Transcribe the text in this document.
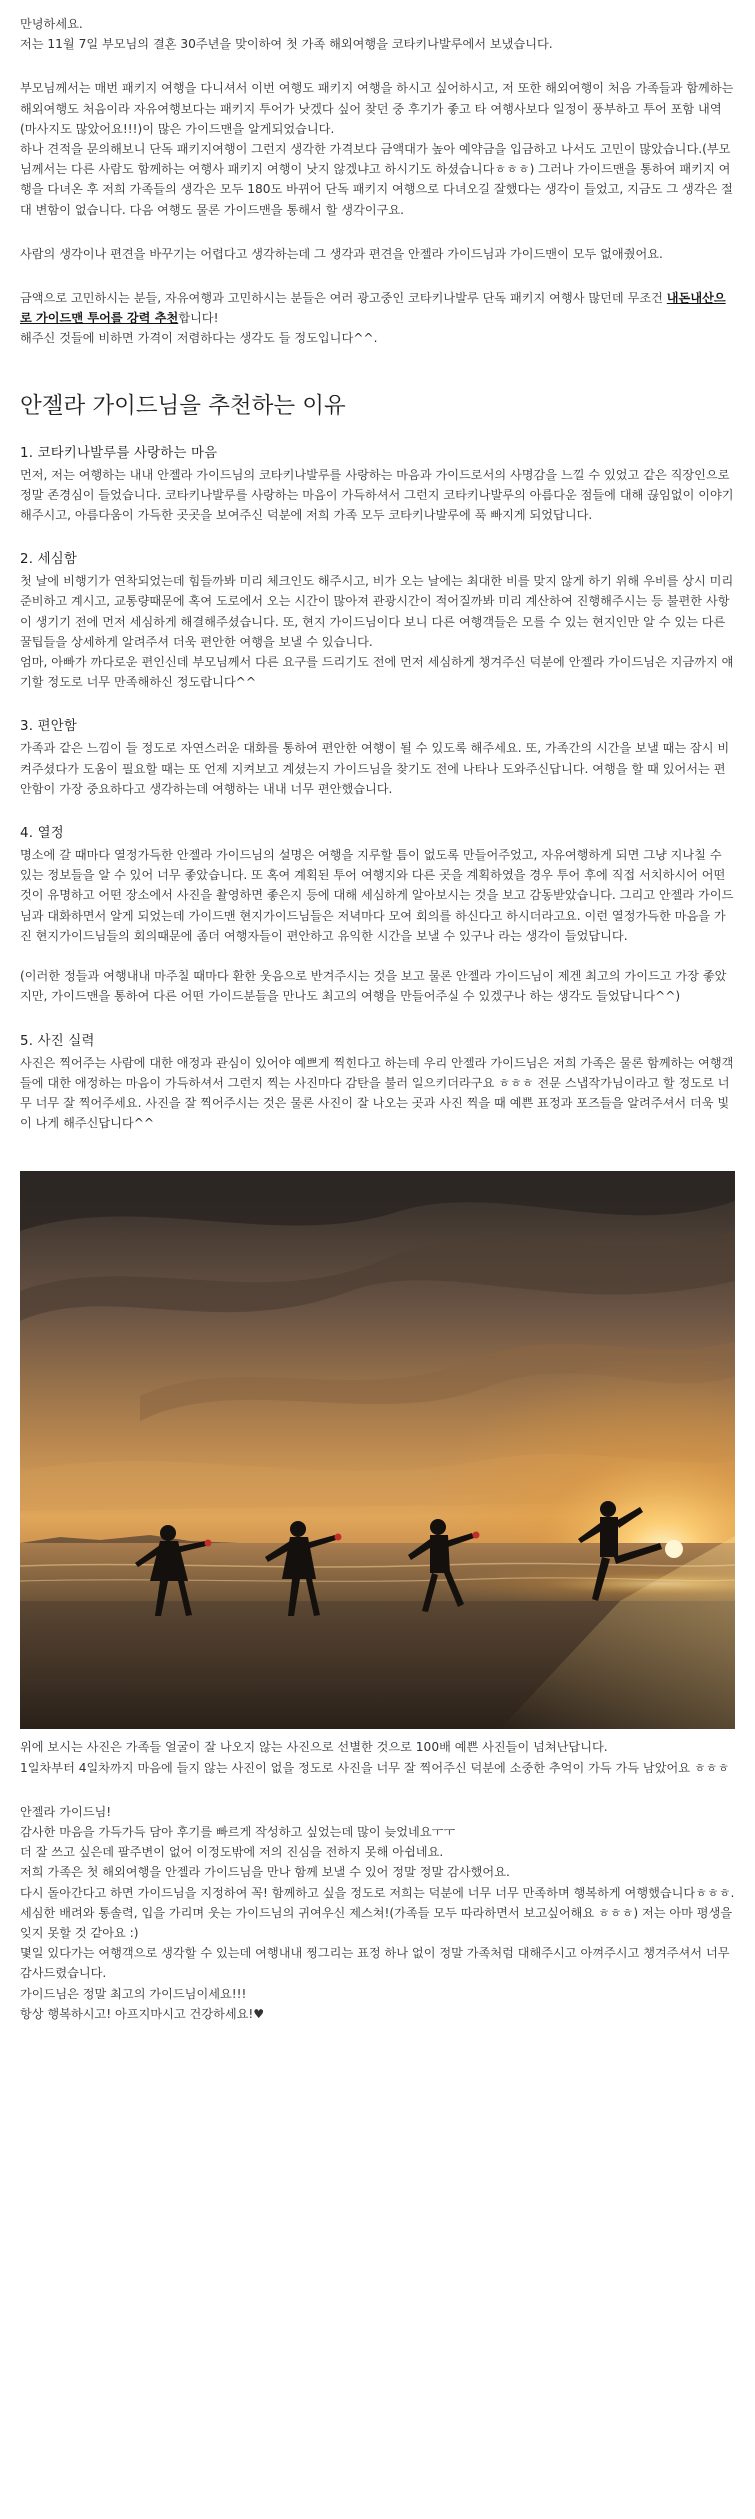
만녕하세요.

저는 11월 7일 부모님의 결혼 30주년을 맞이하여 첫 가족 해외여행을 코타키나발루에서 보냈습니다.

부모님께서는 매번 패키지 여행을 다니셔서 이번 여행도 패키지 여행을 하시고 싶어하시고, 저 또한 해외여행이 처음 가족들과 함께하는 해외여행도 처음이라 자유여행보다는 패키지 투어가 낫겠다 싶어 찾던 중 후기가 좋고 타 여행사보다 일정이 풍부하고 투어 포함 내역(마사지도 많았어요!!!)이 많은 가이드맨을 알게되었습니다.

하나 견적을 문의해보니 단독 패키지여행이 그런지 생각한 가격보다 금액대가 높아 예약금을 입금하고 나서도 고민이 많았습니다.(부모님께서는 다른 사람도 함께하는 여행사 패키지 여행이 낫지 않겠냐고 하시기도 하셨습니다ㅎㅎㅎ) 그러나 가이드맨을 통하여 패키지 여행을 다녀온 후 저희 가족들의 생각은 모두 180도 바뀌어 단독 패키지 여행으로 다녀오길 잘했다는 생각이 들었고, 지금도 그 생각은 절대 변함이 없습니다. 다음 여행도 물론 가이드맨을 통해서 할 생각이구요.

사람의 생각이나 편견을 바꾸기는 어렵다고 생각하는데 그 생각과 편견을 안젤라 가이드님과 가이드맨이 모두 없애줬어요.

금액으로 고민하시는 분들, 자유여행과 고민하시는 분들은 여러 광고중인 코타키나발루 단독 패키지 여행사 많던데 무조건 내돈내산으로 가이드맨 투어를 강력 추천합니다!

해주신 것들에 비하면 가격이 저렴하다는 생각도 들 정도입니다^^.

안젤라 가이드님을 추천하는 이유

1. 코타키나발루를 사랑하는 마음

먼저, 저는 여행하는 내내 안젤라 가이드님의 코타키나발루를 사랑하는 마음과 가이드로서의 사명감을 느낄 수 있었고 같은 직장인으로 정말 존경심이 들었습니다. 코타키나발루를 사랑하는 마음이 가득하셔서 그런지 코타키나발루의 아름다운 점들에 대해 끊임없이 이야기해주시고, 아름다움이 가득한 곳곳을 보여주신 덕분에 저희 가족 모두 코타키나발루에 푹 빠지게 되었답니다.

2. 세심함

첫 날에 비행기가 연착되었는데 힘들까봐 미리 체크인도 해주시고, 비가 오는 날에는 최대한 비를 맞지 않게 하기 위해 우비를 상시 미리 준비하고 계시고, 교통량때문에 혹여 도로에서 오는 시간이 많아져 관광시간이 적어질까봐 미리 계산하여 진행해주시는 등 불편한 사항이 생기기 전에 먼저 세심하게 해결해주셨습니다. 또, 현지 가이드님이다 보니 다른 여행객들은 모를 수 있는 현지인만 알 수 있는 다른 꿀팁들을 상세하게 알려주셔 더욱 편안한 여행을 보낼 수 있습니다.
엄마, 아빠가 까다로운 편인신데 부모님께서 다른 요구를 드리기도 전에 먼저 세심하게 챙겨주신 덕분에 안젤라 가이드님은 지금까지 얘기할 정도로 너무 만족해하신 정도랍니다^^

3. 편안함

가족과 같은 느낌이 들 정도로 자연스러운 대화를 통하여 편안한 여행이 될 수 있도록 해주세요. 또, 가족간의 시간을 보낼 때는 잠시 비켜주셨다가 도움이 필요할 때는 또 언제 지켜보고 계셨는지 가이드님을 찾기도 전에 나타나 도와주신답니다. 여행을 할 때 있어서는 편안함이 가장 중요하다고 생각하는데 여행하는 내내 너무 편안했습니다.

4. 열정

명소에 갈 때마다 열정가득한 안젤라 가이드님의 설명은 여행을 지루할 틈이 없도록 만들어주었고, 자유여행하게 되면 그냥 지나칠 수 있는 정보들을 알 수 있어 너무 좋았습니다. 또 혹여 계획된 투어 여행지와 다른 곳을 계획하였을 경우 투어 후에 직접 서치하시어 어떤 것이 유명하고 어떤 장소에서 사진을 촬영하면 좋은지 등에 대해 세심하게 알아보시는 것을 보고 감동받았습니다. 그리고 안젤라 가이드님과 대화하면서 알게 되었는데 가이드맨 현지가이드님들은 저녁마다 모여 회의를 하신다고 하시더라고요. 이런 열정가득한 마음을 가진 현지가이드님들의 회의때문에 좀더 여행자들이 편안하고 유익한 시간을 보낼 수 있구나 라는 생각이 들었답니다.

(이러한 정들과 여행내내 마주칠 때마다 환한 웃음으로 반겨주시는 것을 보고 물론 안젤라 가이드님이 제겐 최고의 가이드고 가장 좋았지만, 가이드맨을 통하여 다른 어떤 가이드분들을 만나도 최고의 여행을 만들어주실 수 있겠구나 하는 생각도 들었답니다^^)

5. 사진 실력

사진은 찍어주는 사람에 대한 애정과 관심이 있어야 예쁘게 찍힌다고 하는데 우리 안젤라 가이드님은 저희 가족은 물론 함께하는 여행객들에 대한 애정하는 마음이 가득하셔서 그런지 찍는 사진마다 감탄을 불러 일으키더라구요 ㅎㅎㅎ 전문 스냅작가님이라고 할 정도로 너무 너무 잘 찍어주세요. 사진을 잘 찍어주시는 것은 물론 사진이 잘 나오는 곳과 사진 찍을 때 예쁜 표정과 포즈들을 알려주셔서 더욱 빛이 나게 해주신답니다^^

위에 보시는 사진은 가족들 얼굴이 잘 나오지 않는 사진으로 선별한 것으로 100배 예쁜 사진들이 넘쳐난답니다.
1일차부터 4일차까지 마음에 들지 않는 사진이 없을 정도로 사진을 너무 잘 찍어주신 덕분에 소중한 추억이 가득 가득 남았어요 ㅎㅎㅎ

안젤라 가이드님!
감사한 마음을 가득가득 담아 후기를 빠르게 작성하고 싶었는데 많이 늦었네요ㅜㅜ
더 잘 쓰고 싶은데 팔주변이 없어 이정도밖에 저의 진심을 전하지 못해 아쉽네요.
저희 가족은 첫 해외여행을 안젤라 가이드님을 만나 함께 보낼 수 있어 정말 정말 감사했어요.
다시 돌아간다고 하면 가이드님을 지정하여 꼭! 함께하고 싶을 정도로 저희는 덕분에 너무 너무 만족하며 행복하게 여행했습니다ㅎㅎㅎ.
세심한 배려와 통솔력, 입을 가리며 웃는 가이드님의 귀여우신 제스쳐!(가족들 모두 따라하면서 보고싶어해요 ㅎㅎㅎ) 저는 아마 평생을 잊지 못할 것 같아요 :)
몇일 있다가는 여행객으로 생각할 수 있는데 여행내내 찡그리는 표정 하나 없이 정말 가족처럼 대해주시고 아껴주시고 챙겨주셔서 너무 감사드렸습니다.
가이드님은 정말 최고의 가이드님이세요!!!
항상 행복하시고! 아프지마시고 건강하세요!♥
